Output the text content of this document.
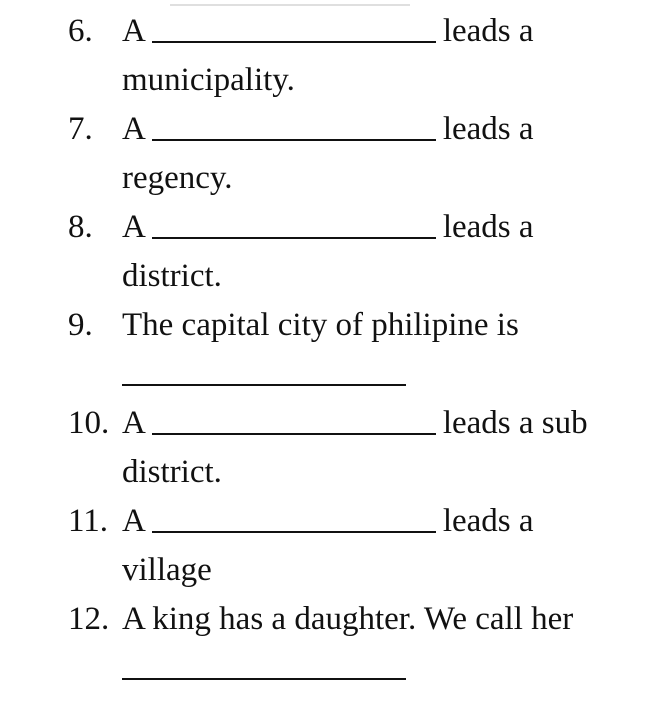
6. A	leads a
municipality.
7. A	leads a
regency.
8. A	leads a
district.
9. The capital city of philipine is
10. A	leads a sub
district.
11. A	leads a
village
12. A king has a daughter. We call her
